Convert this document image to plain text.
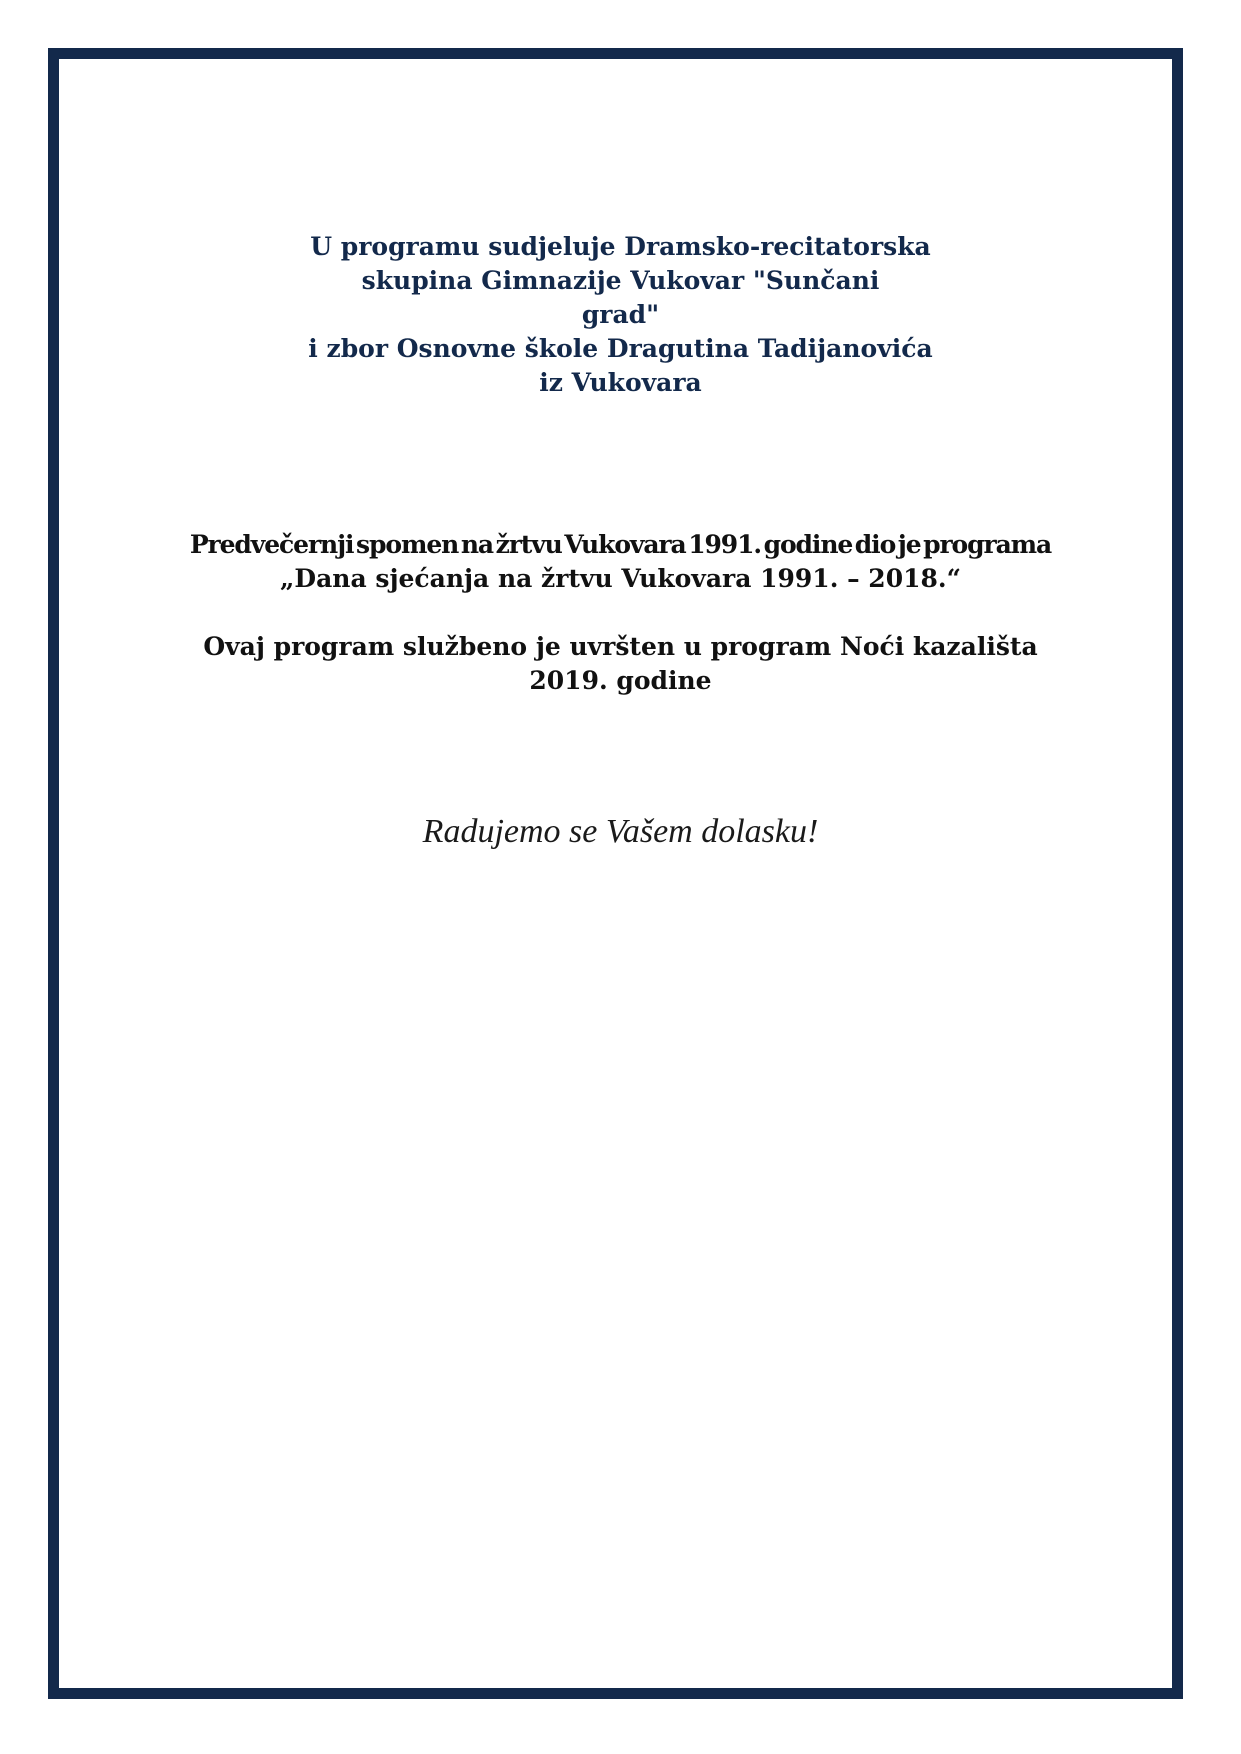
U programu sudjeluje Dramsko-recitatorska
skupina Gimnazije Vukovar "Sunčani
grad"
i zbor Osnovne škole Dragutina Tadijanovića
iz Vukovara
Predvečernji spomen na žrtvu Vukovara 1991. godine dio je programa
„Dana sjećanja na žrtvu Vukovara 1991. – 2018.“
Ovaj program službeno je uvršten u program Noći kazališta
2019. godine
Radujemo se Vašem dolasku!
